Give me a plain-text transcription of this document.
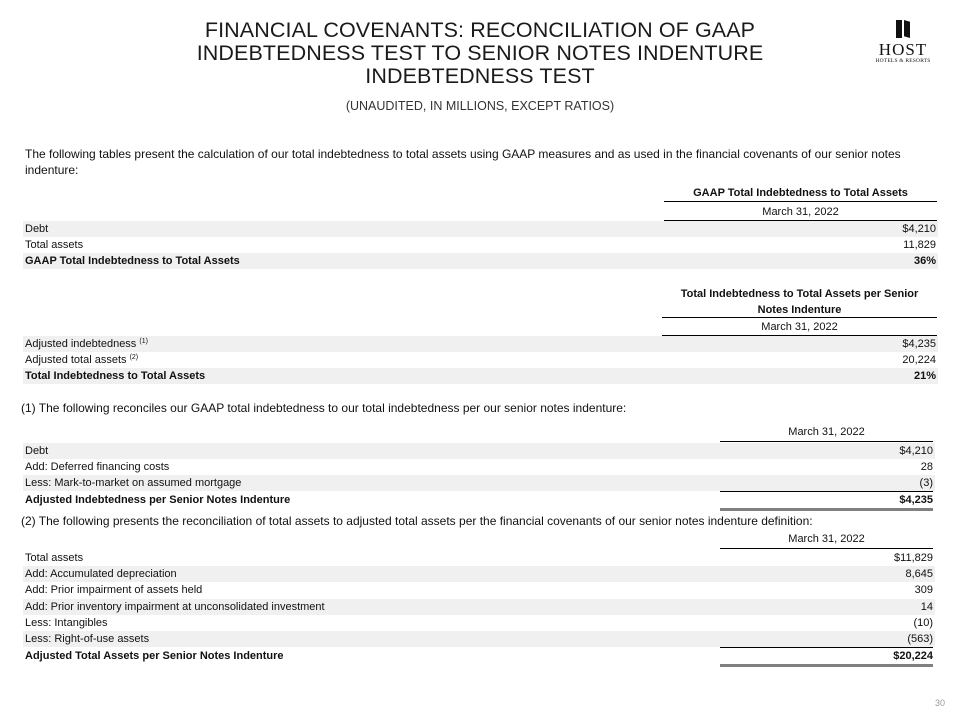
FINANCIAL COVENANTS: RECONCILIATION OF GAAP
INDEBTEDNESS TEST TO SENIOR NOTES INDENTURE
INDEBTEDNESS TEST
(UNAUDITED, IN MILLIONS, EXCEPT RATIOS)
HOST
HOTELS & RESORTS
The following tables present the calculation of our total indebtedness to total assets using GAAP measures and as used in the financial covenants of our senior notes indenture:
GAAP Total Indebtedness to Total Assets
March 31, 2022
Debt	$4,210
Total assets	11,829
GAAP Total Indebtedness to Total Assets	36%
Total Indebtedness to Total Assets per Senior
Notes Indenture
March 31, 2022
Adjusted indebtedness $^{(1)}$	$4,235
Adjusted total assets $^{(2)}$	20,224
Total Indebtedness to Total Assets	21%
(1) The following reconciles our GAAP total indebtedness to our total indebtedness per our senior notes indenture:
March 31, 2022
Debt	$4,210
Add: Deferred financing costs	28
Less: Mark-to-market on assumed mortgage	(3)
Adjusted Indebtedness per Senior Notes Indenture	$4,235
(2) The following presents the reconciliation of total assets to adjusted total assets per the financial covenants of our senior notes indenture definition:
March 31, 2022
Total assets	$11,829
Add: Accumulated depreciation	8,645
Add: Prior impairment of assets held	309
Add: Prior inventory impairment at unconsolidated investment	14
Less: Intangibles	(10)
Less: Right-of-use assets	(563)
Adjusted Total Assets per Senior Notes Indenture	$20,224
30
